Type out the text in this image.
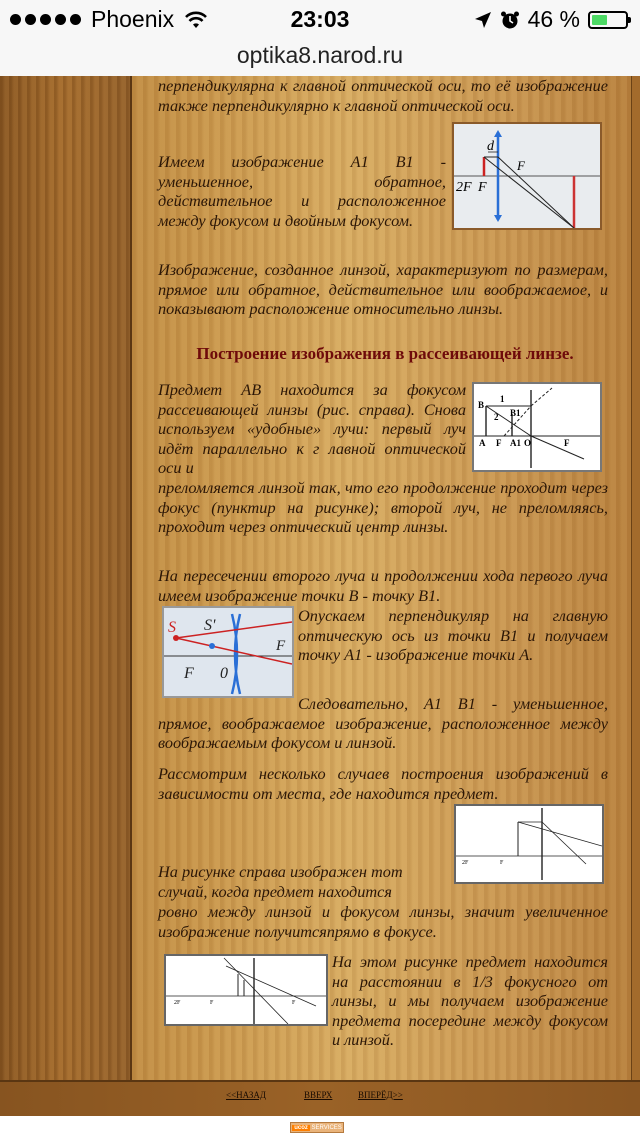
Phoenix	23:03	46 %
optika8.narod.ru

перпендикулярна к главной оптической оси, то её изображение также перпендикулярно к главной оптической оси.

Имеем изображение А1 В1 - уменьшенное, обратное, действительное и расположенное между фокусом и двойным фокусом.

Изображение, созданное линзой, характеризуют по размерам, прямое или обратное, действительное или воображаемое, и показывают расположение относительно линзы.

Предмет АВ находится за фокусом рассеивающей линзы (рис. справа). Снова используем «удобные» лучи: первый луч идёт параллельно к г лавной оптической оси и

преломляется линзой так, что его продолжение проходит через фокус (пунктир на рисунке); второй луч, не преломляясь, проходит через оптический центр линзы.

На пересечении второго луча и продолжении хода первого луча имеем изображение точки В - точку В1.

Опускаем перпендикуляр на главную оптическую ось из точки В1 и получаем точку А1 - изображение точки А.

Следовательно, А1 В1 - уменьшенное, прямое, воображаемое изображение, расположенное между воображаемым фокусом и линзой.

Рассмотрим несколько случаев построения изображений в зависимости от места, где находится предмет.

На рисунке справа изображен тот случай, когда предмет находится

ровно между линзой и фокусом линзы, значит увеличенное изображение получитсяпрямо в фокусе.

На этом рисунке предмет находится на расстоянии в 1/3 фокусного от линзы, и мы получаем изображение предмета посередине между фокусом и линзой.

Построение изображения в рассеивающей линзе.
d
F
2F F
B
B1
1
2
A F A1 O	F
S S'
F 0
F
2F	F
2F	F	F
<<НАЗАД	ВВЕРХ	ВПЕРЁД>>
ucoz SERVICES
